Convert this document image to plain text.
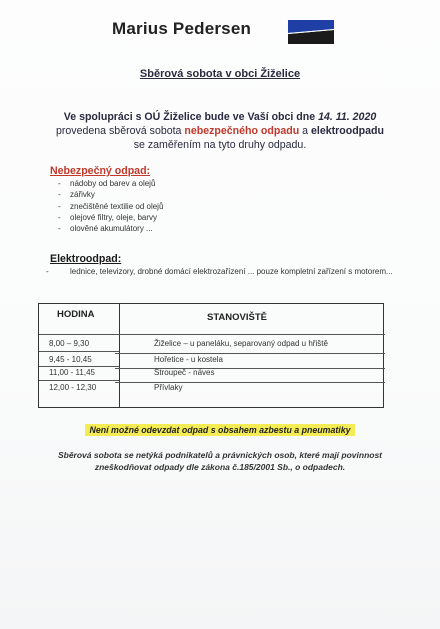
Marius Pedersen
Sběrová sobota v obci Žiželice
Ve spolupráci s OÚ Žiželice bude ve Vaší obci dne 14. 11. 2020
provedena sběrová sobota nebezpečného odpadu a elektroodpadu
se zaměřením na tyto druhy odpadu.
Nebezpečný odpad:
- nádoby od barev a olejů
- zářivky
- znečištěné textilie od olejů
- olejové filtry, oleje, barvy
- olověné akumulátory ...
Elektroodpad:
- lednice, televizory, drobné domácí elektrozařízení ... pouze kompletní zařízení s motorem...
HODINA	STANOVIŠTĚ
8,00 – 9,30	Žiželice – u paneláku, separovaný odpad u hřiště
9,45 - 10,45	Hořetice - u kostela
11,00 - 11,45	Stroupeč - náves
12,00 - 12,30	Přívlaky
Není možné odevzdat odpad s obsahem azbestu a pneumatiky
Sběrová sobota se netýká podnikatelů a právnických osob, které mají povinnost zneškodňovat odpady dle zákona č.185/2001 Sb., o odpadech.
